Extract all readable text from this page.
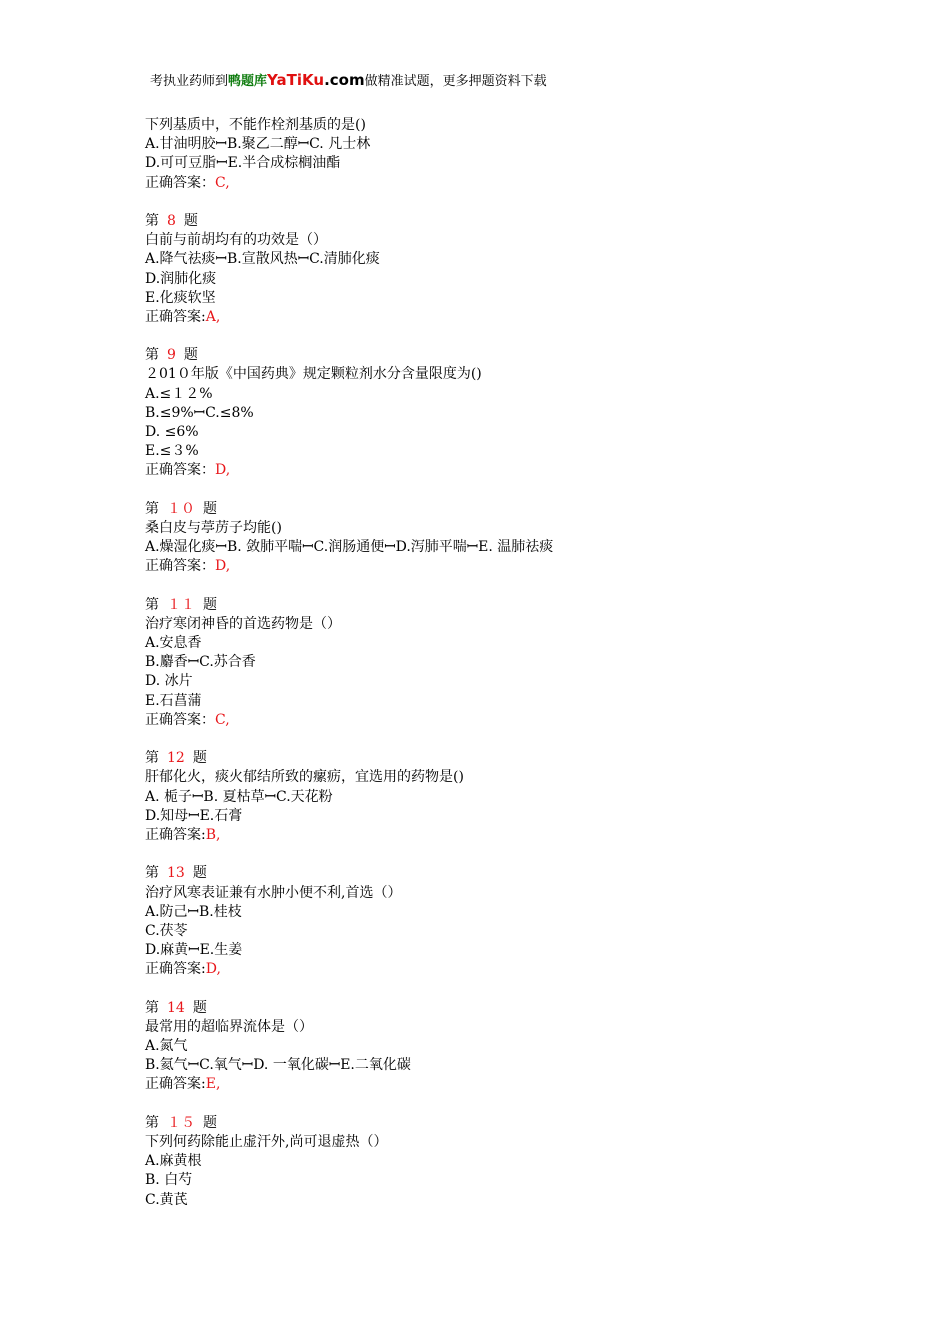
考执业药师到鸭题库YaTiKu.com做精准试题，更多押题资料下载
下列基质中，不能作栓剂基质的是()
A.甘油明胶ꟷB.聚乙二醇ꟷC. 凡士林
D.可可豆脂ꟷE.半合成棕榈油酯
正确答案：C,
第 8 题
白前与前胡均有的功效是（）
A.降气祛痰ꟷB.宣散风热ꟷC.清肺化痰
D.润肺化痰
E.化痰软坚
正确答案:A,
第 9 题
２01０年版《中国药典》规定颗粒剂水分含量限度为()
A.≤１２%
B.≤9%ꟷC.≤8%
D. ≤6%
E.≤３%
正确答案：D,
第 １０ 题
桑白皮与葶苈子均能()
A.燥湿化痰ꟷB. 敛肺平喘ꟷC.润肠通便ꟷD.泻肺平喘ꟷE. 温肺祛痰
正确答案：D,
第 １１ 题
治疗寒闭神昏的首选药物是（）
A.安息香
B.麝香ꟷC.苏合香
D. 冰片
E.石菖蒲
正确答案：C,
第 12 题
肝郁化火，痰火郁结所致的瘰疬，宜选用的药物是()
A. 栀子ꟷB. 夏枯草ꟷC.天花粉
D.知母ꟷE.石膏
正确答案:B,
第 13 题
治疗风寒表证兼有水肿小便不利,首选（）
A.防己ꟷB.桂枝
C.茯苓
D.麻黄ꟷE.生姜
正确答案:D,
第 14 题
最常用的超临界流体是（）
A.氮气
B.氦气ꟷC.氧气ꟷD. 一氧化碳ꟷE.二氧化碳
正确答案:E,
第 １５ 题
下列何药除能止虚汗外,尚可退虚热（）
A.麻黄根
B. 白芍
C.黄芪
